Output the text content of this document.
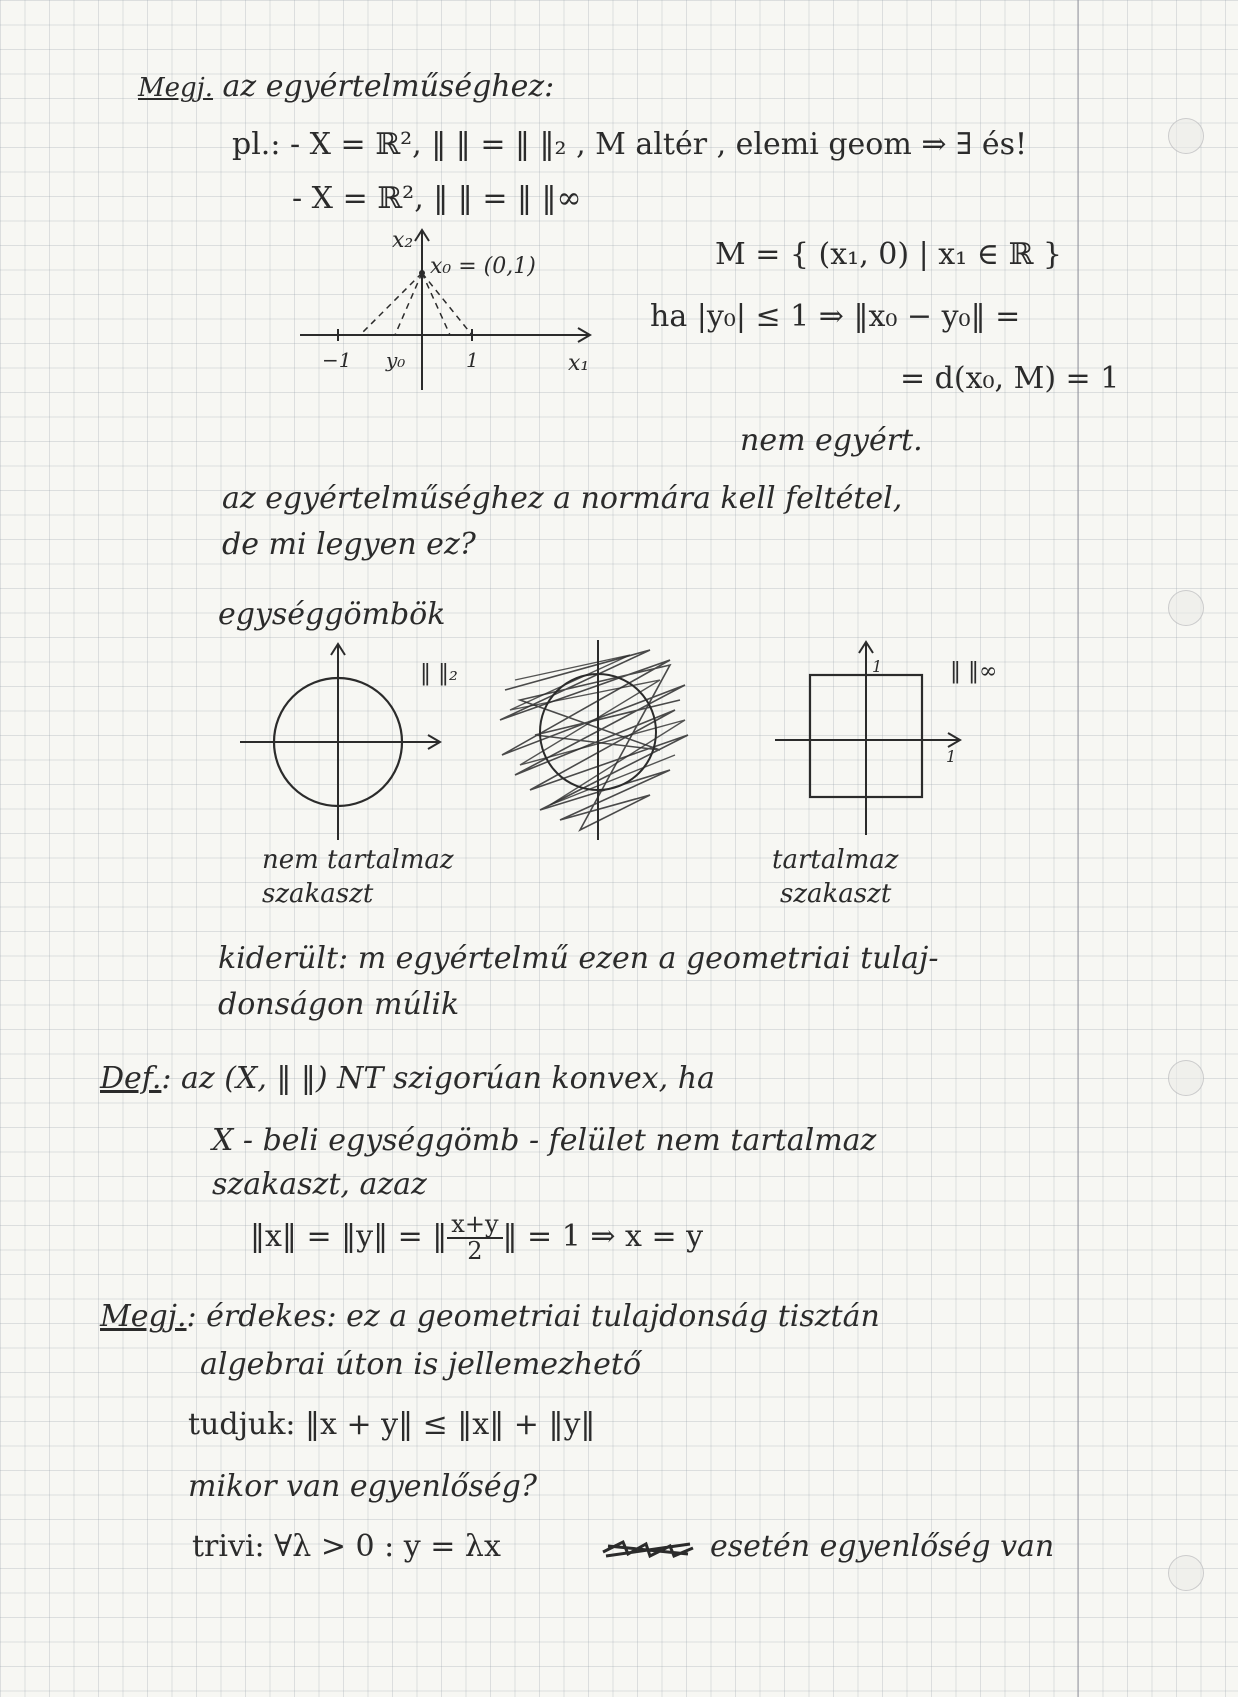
Megj. az egyértelműséghez:
pl.: - X = ℝ², ‖ ‖ = ‖ ‖₂ , M altér , elemi geom ⇒ ∃ és!
- X = ℝ², ‖ ‖ = ‖ ‖∞
x₂
x₀ = (0,1)
x₁
−1 y₀	1
M = { (x₁, 0) | x₁ ∈ ℝ }
ha |y₀| ≤ 1 ⇒ ‖x₀ − y₀‖ =
= d(x₀, M) = 1
nem egyért.
az egyértelműséghez a normára kell feltétel,
de mi legyen ez?
egységgömbök
‖ ‖₂	1
1
‖ ‖∞
nem tartalmaz
szakaszt
tartalmaz
szakaszt
kiderült: m egyértelmű ezen a geometriai tulaj-
donságon múlik
Def.: az (X, ‖ ‖) NT szigorúan konvex, ha
X - beli egységgömb - felület nem tartalmaz
szakaszt, azaz
‖x‖ = ‖y‖ = ‖ $\frac{x+y}{2}$ ‖ = 1 ⇒ x = y
Megj.: érdekes: ez a geometriai tulajdonság tisztán
algebrai úton is jellemezhető
tudjuk: ‖x + y‖ ≤ ‖x‖ + ‖y‖
mikor van egyenlőség?
trivi: ∀λ > 0 : y = λx	esetén egyenlőség van
